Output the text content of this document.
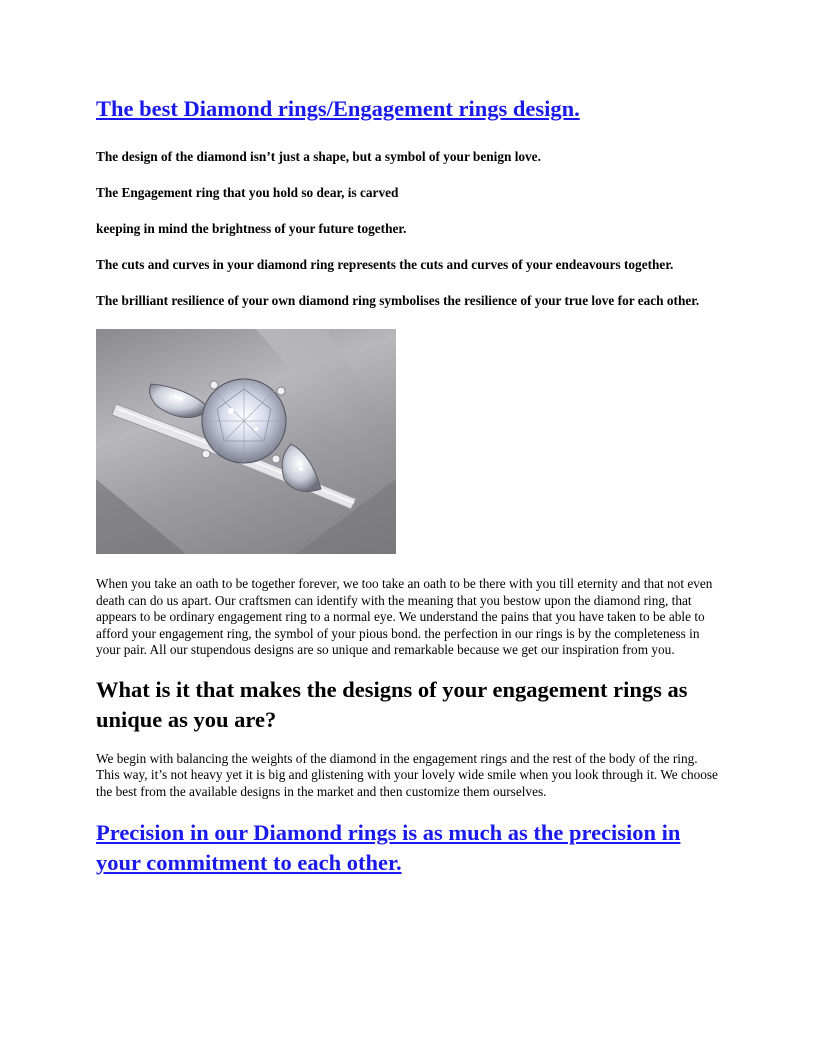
The best Diamond rings/Engagement rings design.

The design of the diamond isn’t just a shape, but a symbol of your benign love.

The Engagement ring that you hold so dear, is carved

keeping in mind the brightness of your future together.

The cuts and curves in your diamond ring represents the cuts and curves of your endeavours together.

The brilliant resilience of your own diamond ring symbolises the resilience of your true love for each other.

When you take an oath to be together forever, we too take an oath to be there with you till eternity and that not even death can do us apart. Our craftsmen can identify with the meaning that you bestow upon the diamond ring, that appears to be ordinary engagement ring to a normal eye. We understand the pains that you have taken to be able to afford your engagement ring, the symbol of your pious bond. the perfection in our rings is by the completeness in your pair. All our stupendous designs are so unique and remarkable because we get our inspiration from you.

What is it that makes the designs of your engagement rings as unique as you are?

We begin with balancing the weights of the diamond in the engagement rings and the rest of the body of the ring. This way, it’s not heavy yet it is big and glistening with your lovely wide smile when you look through it. We choose the best from the available designs in the market and then customize them ourselves.

Precision in our Diamond rings is as much as the precision in your commitment to each other.
